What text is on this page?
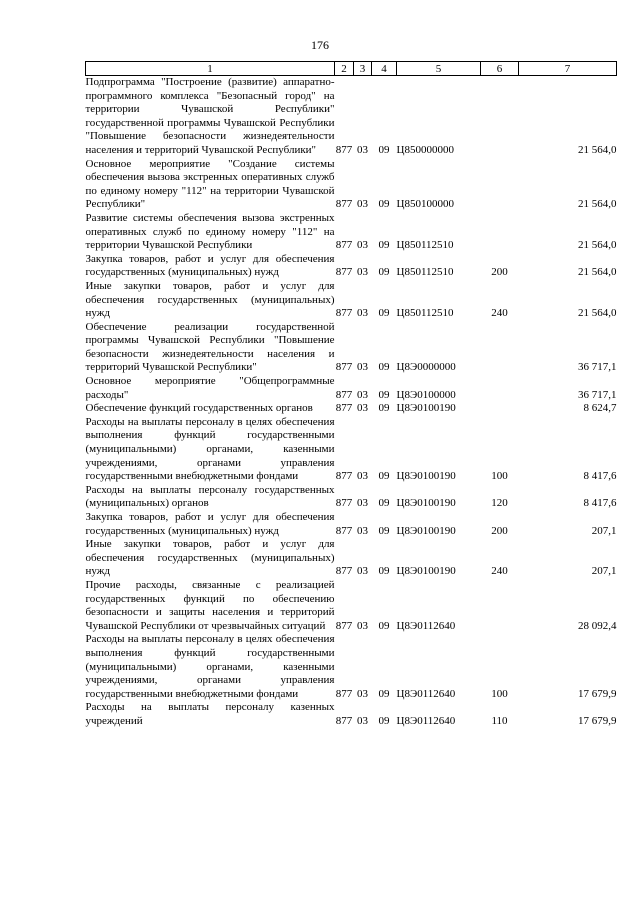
176
1	2	3	4	5	6	7
Подпрограмма "Построение (развитие) аппаратно-программного комплекса "Безопасный город" на территории Чувашской Республики" государственной программы Чувашской Республики "Повышение безопасности жизнедеятельности населения и территорий Чувашской Республики"	877	03	09	Ц850000000		21 564,0
Основное мероприятие "Создание системы обеспечения вызова экстренных оперативных служб по единому номеру "112" на территории Чувашской Республики"	877	03	09	Ц850100000		21 564,0
Развитие системы обеспечения вызова экстренных оперативных служб по единому номеру "112" на территории Чувашской Республики	877	03	09	Ц850112510		21 564,0
Закупка товаров, работ и услуг для обеспечения государственных (муниципальных) нужд	877	03	09	Ц850112510	200	21 564,0
Иные закупки товаров, работ и услуг для обеспечения государственных (муниципальных) нужд	877	03	09	Ц850112510	240	21 564,0
Обеспечение реализации государственной программы Чувашской Республики "Повышение безопасности жизнедеятельности населения и территорий Чувашской Республики"	877	03	09	Ц8Э0000000		36 717,1
Основное мероприятие "Общепрограммные расходы"	877	03	09	Ц8Э0100000		36 717,1
Обеспечение функций государственных органов	877	03	09	Ц8Э0100190		8 624,7
Расходы на выплаты персоналу в целях обеспечения выполнения функций государственными (муниципальными) органами, казенными учреждениями, органами управления государственными внебюджетными фондами	877	03	09	Ц8Э0100190	100	8 417,6
Расходы на выплаты персоналу государственных (муниципальных) органов	877	03	09	Ц8Э0100190	120	8 417,6
Закупка товаров, работ и услуг для обеспечения государственных (муниципальных) нужд	877	03	09	Ц8Э0100190	200	207,1
Иные закупки товаров, работ и услуг для обеспечения государственных (муниципальных) нужд	877	03	09	Ц8Э0100190	240	207,1
Прочие расходы, связанные с реализацией государственных функций по обеспечению безопасности и защиты населения и территорий Чувашской Республики от чрезвычайных ситуаций	877	03	09	Ц8Э0112640		28 092,4
Расходы на выплаты персоналу в целях обеспечения выполнения функций государственными (муниципальными) органами, казенными учреждениями, органами управления государственными внебюджетными фондами	877	03	09	Ц8Э0112640	100	17 679,9
Расходы на выплаты персоналу казенных учреждений	877	03	09	Ц8Э0112640	110	17 679,9
